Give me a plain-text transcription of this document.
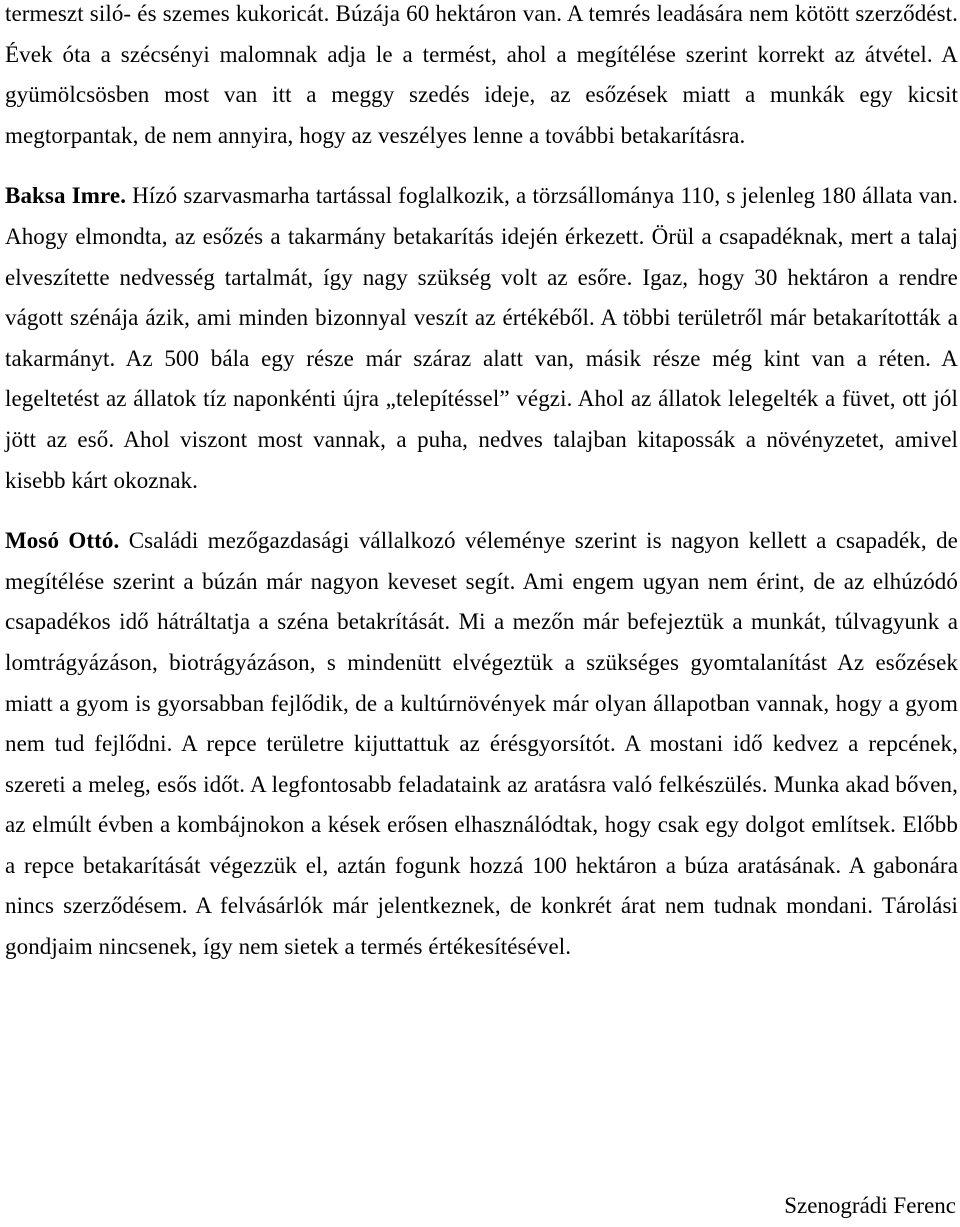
termeszt siló- és szemes kukoricát. Búzája 60 hektáron van. A temrés leadására nem kötött szerződést. Évek óta a szécsényi malomnak adja le a termést, ahol a megítélése szerint korrekt az átvétel. A gyümölcsösben most van itt a meggy szedés ideje, az esőzések miatt a munkák egy kicsit megtorpantak, de nem annyira, hogy az veszélyes lenne a további betakarításra.

Baksa Imre. Hízó szarvasmarha tartással foglalkozik, a törzsállománya 110, s jelenleg 180 állata van. Ahogy elmondta, az esőzés a takarmány betakarítás idején érkezett. Örül a csapadéknak, mert a talaj elveszítette nedvesség tartalmát, így nagy szükség volt az esőre. Igaz, hogy 30 hektáron a rendre vágott szénája ázik, ami minden bizonnyal veszít az értékéből. A többi területről már betakarították a takarmányt. Az 500 bála egy része már száraz alatt van, másik része még kint van a réten. A legeltetést az állatok tíz naponkénti újra „telepítéssel” végzi. Ahol az állatok lelegelték a füvet, ott jól jött az eső. Ahol viszont most vannak, a puha, nedves talajban kitapossák a növényzetet, amivel kisebb kárt okoznak.

Mosó Ottó. Családi mezőgazdasági vállalkozó véleménye szerint is nagyon kellett a csapadék, de megítélése szerint a búzán már nagyon keveset segít. Ami engem ugyan nem érint, de az elhúzódó csapadékos idő hátráltatja a széna betakrítását. Mi a mezőn már befejeztük a munkát, túlvagyunk a lomtrágyázáson, biotrágyázáson, s mindenütt elvégeztük a szükséges gyomtalanítást Az esőzések miatt a gyom is gyorsabban fejlődik, de a kultúrnövények már olyan állapotban vannak, hogy a gyom nem tud fejlődni. A repce területre kijuttattuk az érésgyorsítót. A mostani idő kedvez a repcének, szereti a meleg, esős időt. A legfontosabb feladataink az aratásra való felkészülés. Munka akad bőven, az elmúlt évben a kombájnokon a kések erősen elhasználódtak, hogy csak egy dolgot említsek. Előbb a repce betakarítását végezzük el, aztán fogunk hozzá 100 hektáron a búza aratásának. A gabonára nincs szerződésem. A felvásárlók már jelentkeznek, de konkrét árat nem tudnak mondani. Tárolási gondjaim nincsenek, így nem sietek a termés értékesítésével.

Szenográdi Ferenc
